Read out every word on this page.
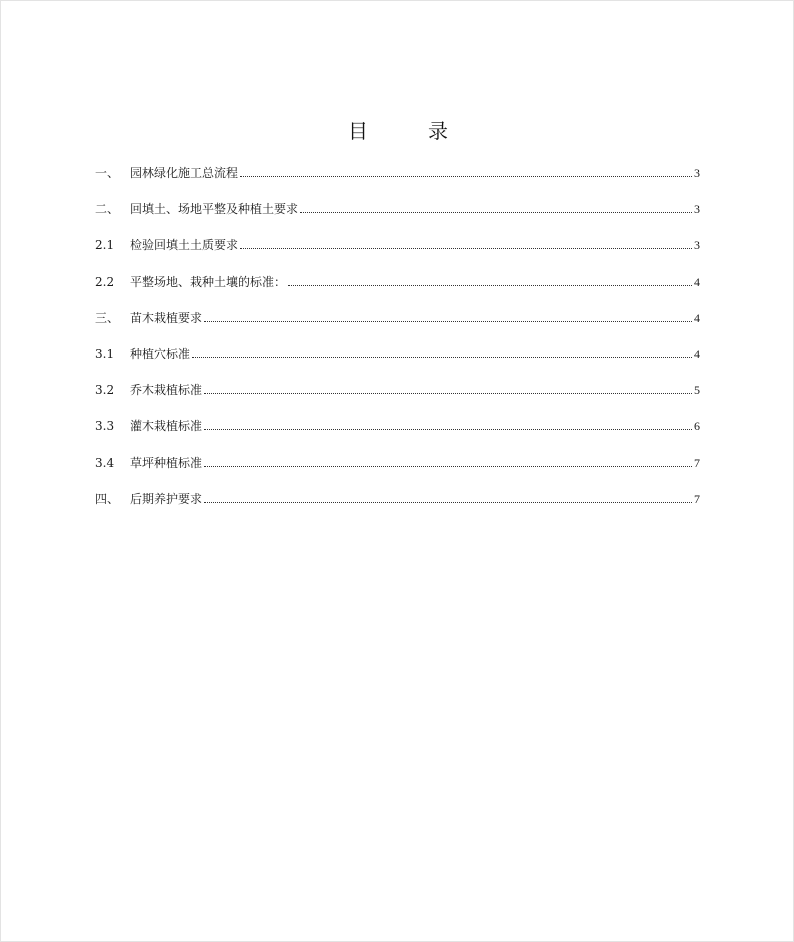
目　　　录
一、 园林绿化施工总流程	3
二、 回填土、场地平整及种植土要求	3
2.1	检验回填土土质要求	3
2.2	平整场地、栽种土壤的标准：	4
三、 苗木栽植要求	4
3.1	种植穴标准	4
3.2	乔木栽植标准	5
3.3	灌木栽植标准	6
3.4	草坪种植标准	7
四、 后期养护要求	7
